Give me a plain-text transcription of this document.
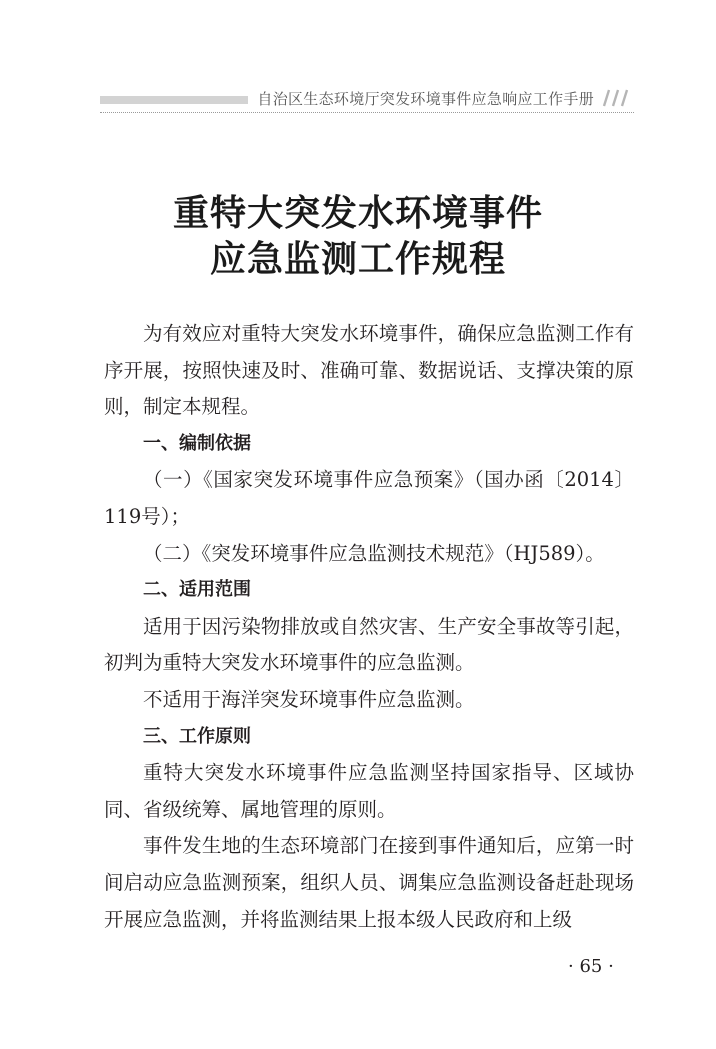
自治区生态环境厅突发环境事件应急响应工作手册
重特大突发水环境事件
应急监测工作规程

为有效应对重特大突发水环境事件，确保应急监测工作有序开展，按照快速及时、准确可靠、数据说话、支撑决策的原则，制定本规程。

一、编制依据

（一）《国家突发环境事件应急预案》（国办函〔2014〕119号）；

（二）《突发环境事件应急监测技术规范》（HJ589）。

二、适用范围

适用于因污染物排放或自然灾害、生产安全事故等引起，初判为重特大突发水环境事件的应急监测。

不适用于海洋突发环境事件应急监测。

三、工作原则

重特大突发水环境事件应急监测坚持国家指导、区域协同、省级统筹、属地管理的原则。

事件发生地的生态环境部门在接到事件通知后，应第一时间启动应急监测预案，组织人员、调集应急监测设备赶赴现场开展应急监测，并将监测结果上报本级人民政府和上级

· 65 ·
